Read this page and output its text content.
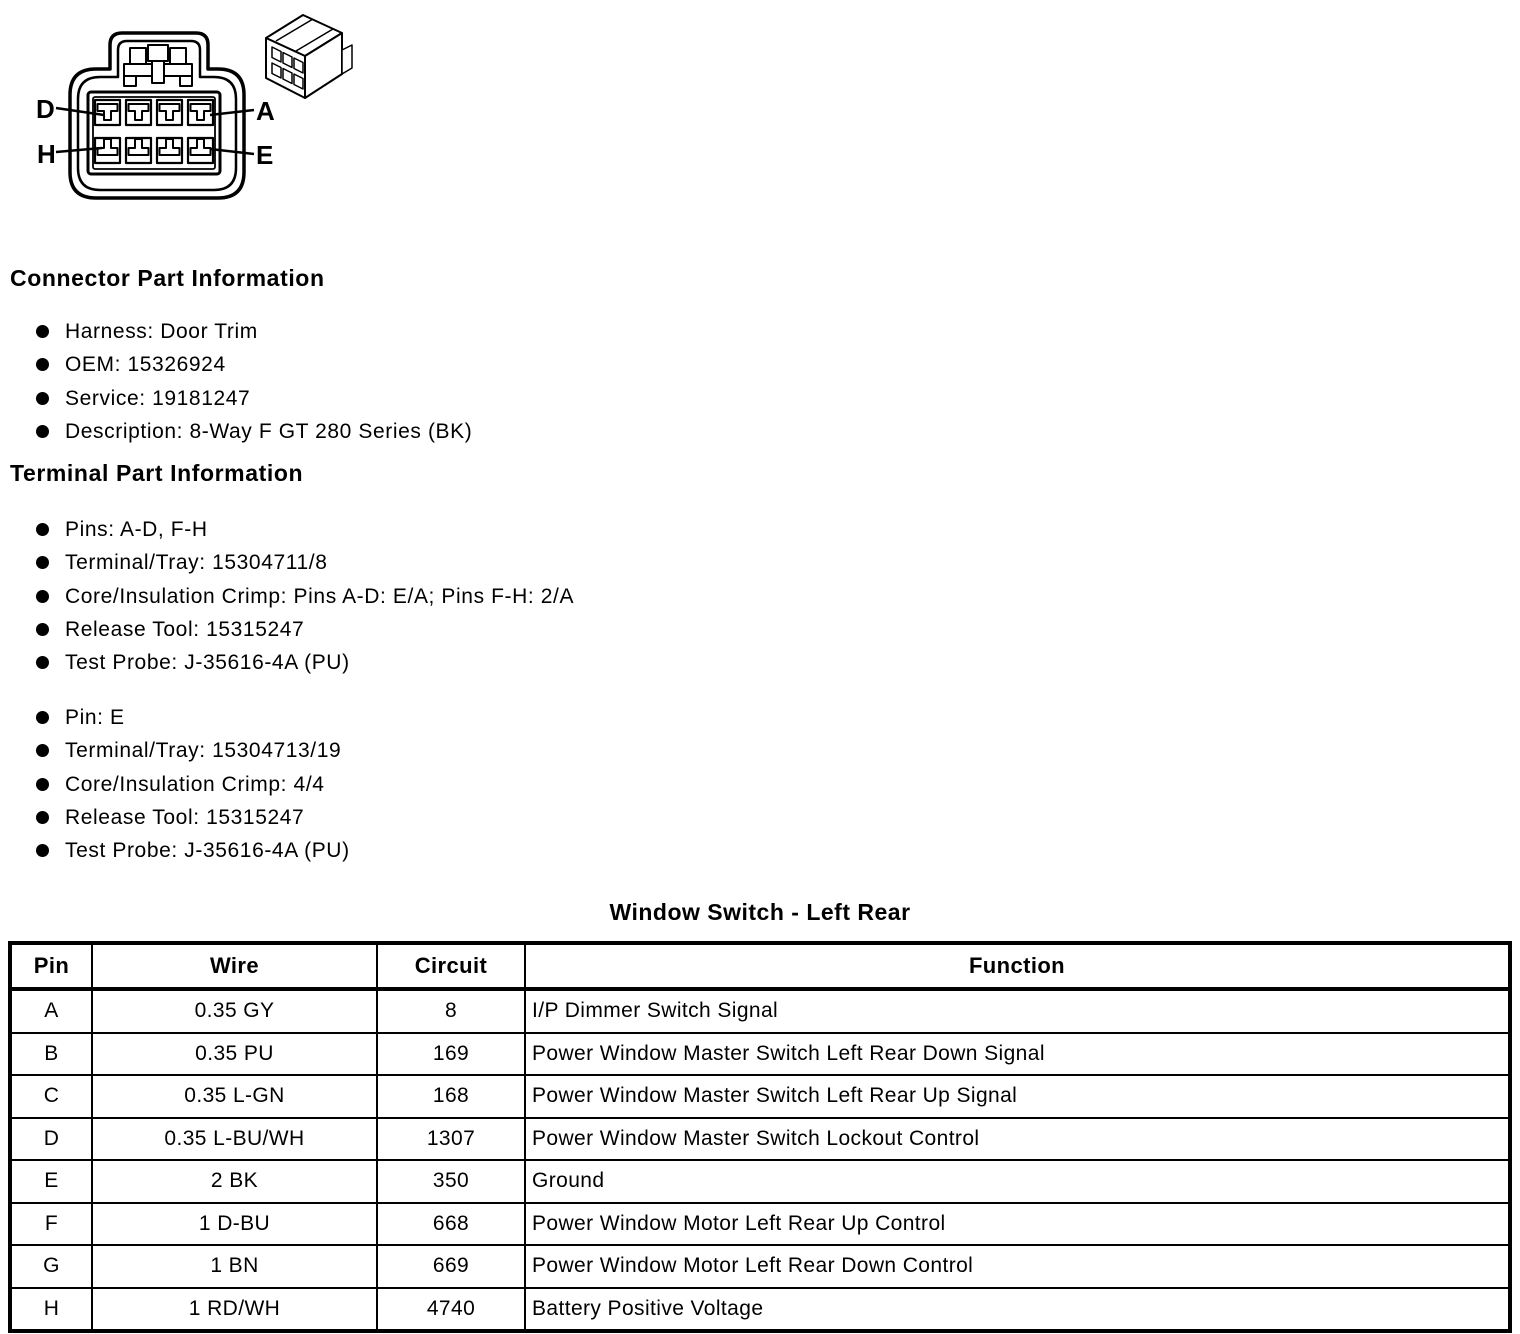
D	A
H	E
Connector Part Information
Harness: Door Trim
OEM: 15326924
Service: 19181247
Description: 8-Way F GT 280 Series (BK)
Terminal Part Information
Pins: A-D, F-H
Terminal/Tray: 15304711/8
Core/Insulation Crimp: Pins A-D: E/A; Pins F-H: 2/A
Release Tool: 15315247
Test Probe: J-35616-4A (PU)
Pin: E
Terminal/Tray: 15304713/19
Core/Insulation Crimp: 4/4
Release Tool: 15315247
Test Probe: J-35616-4A (PU)
Window Switch - Left Rear
Pin	Wire	Circuit	Function
A	0.35 GY	8	I/P Dimmer Switch Signal
B	0.35 PU	169	Power Window Master Switch Left Rear Down Signal
C	0.35 L-GN	168	Power Window Master Switch Left Rear Up Signal
D	0.35 L-BU/WH	1307	Power Window Master Switch Lockout Control
E	2 BK	350	Ground
F	1 D-BU	668	Power Window Motor Left Rear Up Control
G	1 BN	669	Power Window Motor Left Rear Down Control
H	1 RD/WH	4740	Battery Positive Voltage
